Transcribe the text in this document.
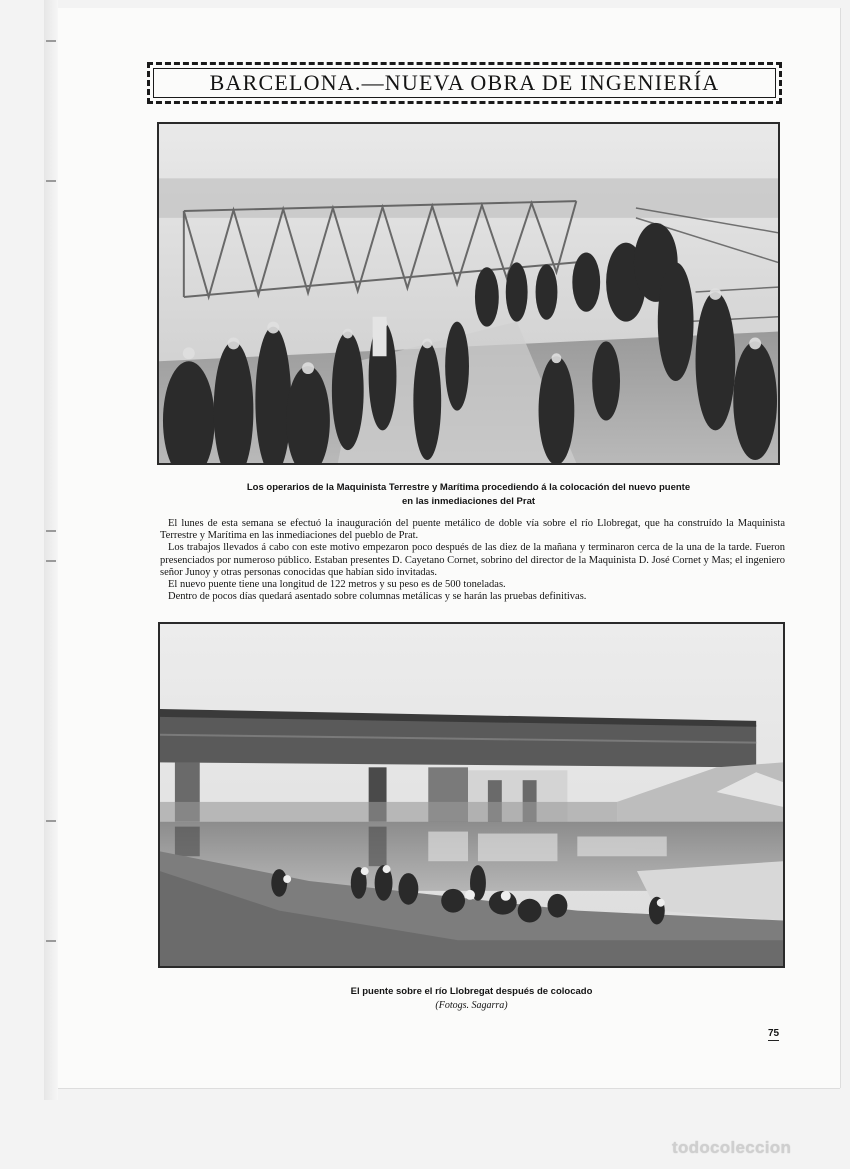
BARCELONA.—NUEVA OBRA DE INGENIERÍA
Los operarios de la Maquinista Terrestre y Marítima procediendo á la colocación del nuevo puente
en las inmediaciones del Prat

El lunes de esta semana se efectuó la inauguración del puente metálico de doble vía sobre el río Llobregat, que ha construído la Maquinista Terrestre y Marítima en las inmediaciones del pueblo de Prat.

Los trabajos llevados á cabo con este motivo empezaron poco después de las diez de la mañana y terminaron cerca de la una de la tarde. Fueron presenciados por numeroso público. Estaban presentes D. Cayetano Cornet, sobrino del director de la Maquinista D. José Cornet y Mas; el ingeniero señor Junoy y otras personas conocidas que habían sido invitadas.

El nuevo puente tiene una longitud de 122 metros y su peso es de 500 toneladas.

Dentro de pocos días quedará asentado sobre columnas metálicas y se harán las pruebas definitivas.

El puente sobre el río Llobregat después de colocado
(Fotogs. Sagarra)
75
todocoleccion
